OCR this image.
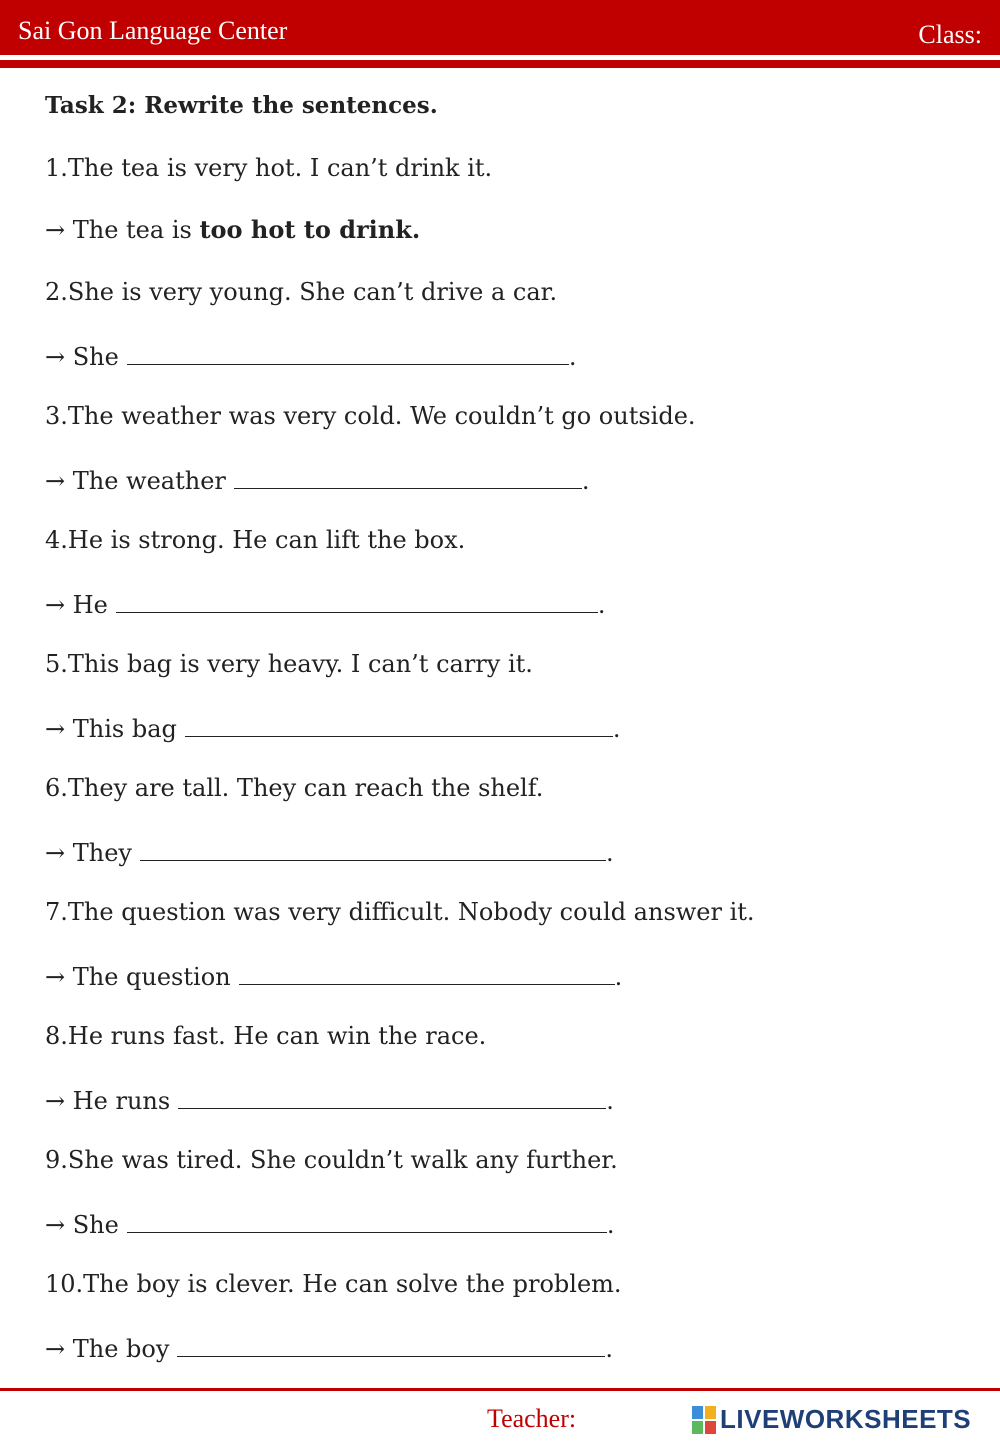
Sai Gon Language Center	Class:
Task 2: Rewrite the sentences.
1.The tea is very hot. I can’t drink it.
→ The tea is too hot to drink.
2.She is very young. She can’t drive a car.
→ She	.
3.The weather was very cold. We couldn’t go outside.
→ The weather	.
4.He is strong. He can lift the box.
→ He	.
5.This bag is very heavy. I can’t carry it.
→ This bag	.
6.They are tall. They can reach the shelf.
→ They	.
7.The question was very difficult. Nobody could answer it.
→ The question	.
8.He runs fast. He can win the race.
→ He runs	.
9.She was tired. She couldn’t walk any further.
→ She	.
10.The boy is clever. He can solve the problem.
→ The boy	.
Teacher:	LIVEWORKSHEETS
